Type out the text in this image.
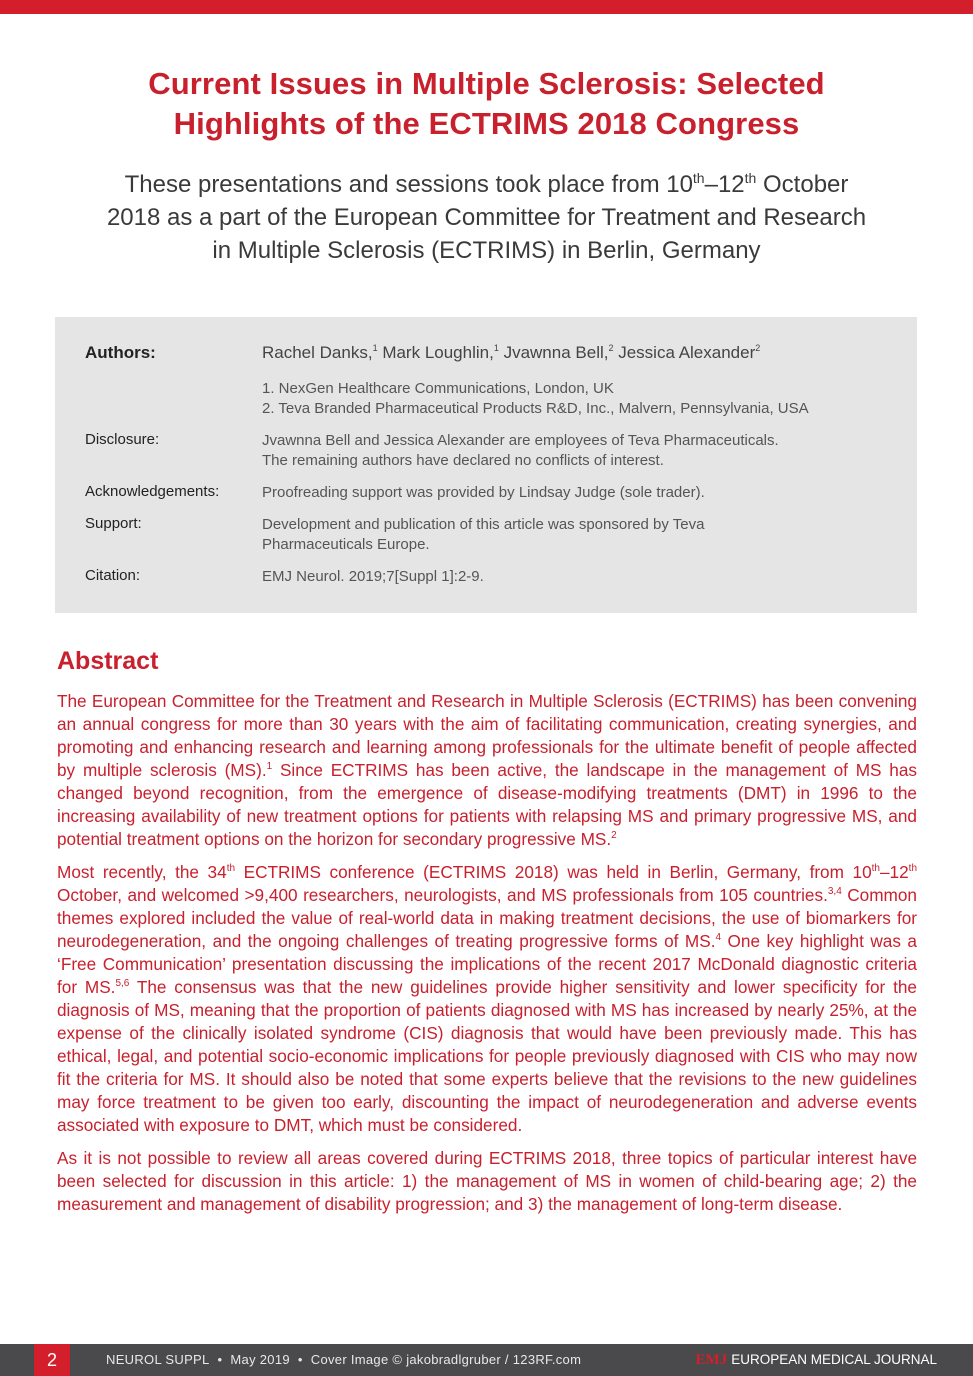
Current Issues in Multiple Sclerosis: Selected
Highlights of the ECTRIMS 2018 Congress
These presentations and sessions took place from 10th–12th October
2018 as a part of the European Committee for Treatment and Research
in Multiple Sclerosis (ECTRIMS) in Berlin, Germany
Authors:	Rachel Danks,$^1$ Mark Loughlin,$^1$ Jvawnna Bell,$^2$ Jessica Alexander$^2$
1. NexGen Healthcare Communications, London, UK
2. Teva Branded Pharmaceutical Products R&D, Inc., Malvern, Pennsylvania, USA
Disclosure:	Jvawnna Bell and Jessica Alexander are employees of Teva Pharmaceuticals.
The remaining authors have declared no conflicts of interest.
Acknowledgements:	Proofreading support was provided by Lindsay Judge (sole trader).
Support:	Development and publication of this article was sponsored by Teva
Pharmaceuticals Europe.
Citation:	EMJ Neurol. 2019;7[Suppl 1]:2-9.
Abstract

The European Committee for the Treatment and Research in Multiple Sclerosis (ECTRIMS) has been convening an annual congress for more than 30 years with the aim of facilitating communication, creating synergies, and promoting and enhancing research and learning among professionals for the ultimate benefit of people affected by multiple sclerosis (MS).$^1$ Since ECTRIMS has been active, the landscape in the management of MS has changed beyond recognition, from the emergence of disease-modifying treatments (DMT) in 1996 to the increasing availability of new treatment options for patients with relapsing MS and primary progressive MS, and potential treatment options on the horizon for secondary progressive MS.$^2$

Most recently, the 34th ECTRIMS conference (ECTRIMS 2018) was held in Berlin, Germany, from 10th–12th October, and welcomed >9,400 researchers, neurologists, and MS professionals from 105 countries.$^{3,4}$ Common themes explored included the value of real-world data in making treatment decisions, the use of biomarkers for neurodegeneration, and the ongoing challenges of treating progressive forms of MS.$^4$ One key highlight was a ‘Free Communication’ presentation discussing the implications of the recent 2017 McDonald diagnostic criteria for MS.$^{5,6}$ The consensus was that the new guidelines provide higher sensitivity and lower specificity for the diagnosis of MS, meaning that the proportion of patients diagnosed with MS has increased by nearly 25%, at the expense of the clinically isolated syndrome (CIS) diagnosis that would have been previously made. This has ethical, legal, and potential socio-economic implications for people previously diagnosed with CIS who may now fit the criteria for MS. It should also be noted that some experts believe that the revisions to the new guidelines may force treatment to be given too early, discounting the impact of neurodegeneration and adverse events associated with exposure to DMT, which must be considered.

As it is not possible to review all areas covered during ECTRIMS 2018, three topics of particular interest have been selected for discussion in this article: 1) the management of MS in women of child-bearing age; 2) the measurement and management of disability progression; and 3) the management of long-term disease.

2	NEUROL SUPPL • May 2019 • Cover Image © jakobradlgruber / 123RF.com	EMJ EUROPEAN MEDICAL JOURNAL
